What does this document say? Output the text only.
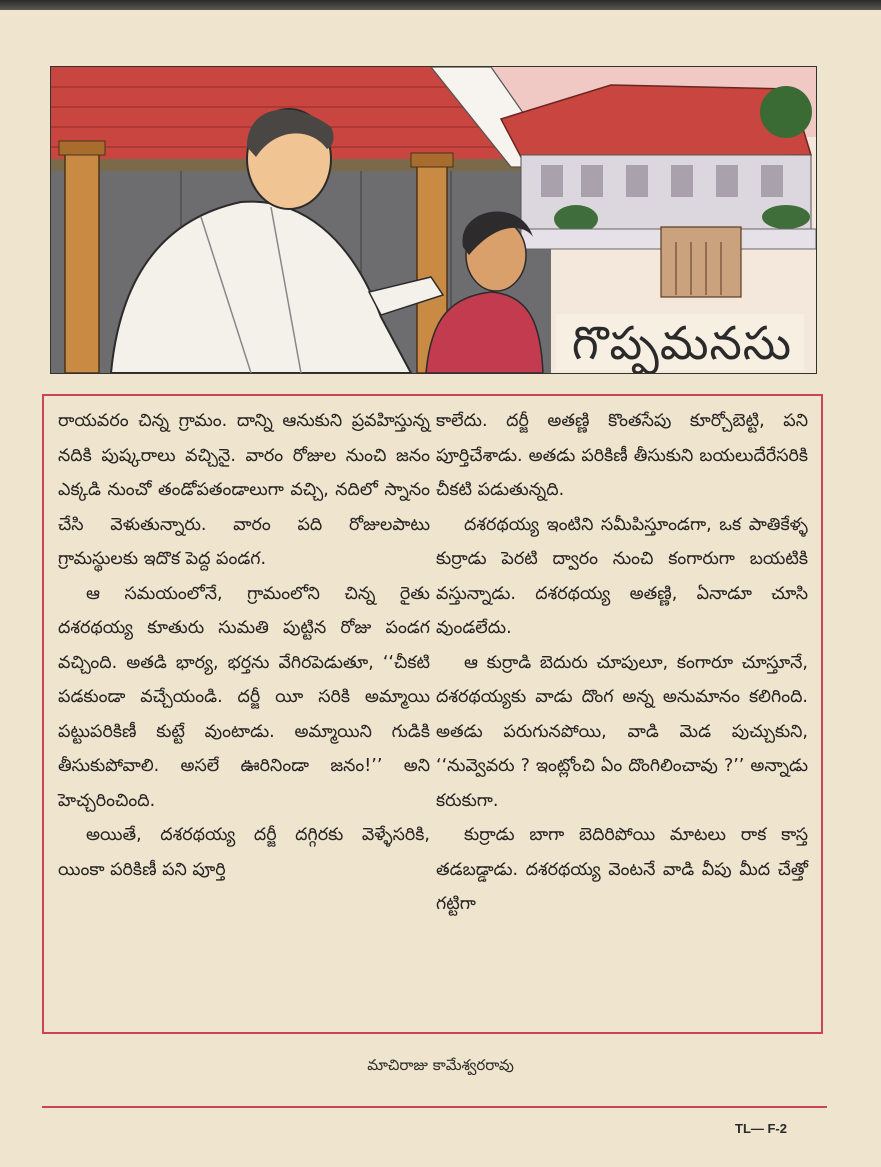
గొప్పమనసు

రాయవరం చిన్న గ్రామం. దాన్ని ఆనుకుని ప్రవహిస్తున్న నదికి పుష్కరాలు వచ్చినై. వారం రోజుల నుంచి జనం ఎక్కడి నుంచో తండోపతండాలుగా వచ్చి, నదిలో స్నానం చేసి వెళుతున్నారు. వారం పది రోజులపాటు గ్రామస్థులకు ఇదొక పెద్ద పండగ.

ఆ సమయంలోనే, గ్రామంలోని చిన్న రైతు దశరథయ్య కూతురు సుమతి పుట్టిన రోజు పండగ వచ్చింది. అతడి భార్య, భర్తను వేగిరపెడుతూ, ‘‘చీకటి పడకుండా వచ్చేయండి. దర్జీ యీ సరికి అమ్మాయి పట్టుపరికిణీ కుట్టే వుంటాడు. అమ్మాయిని గుడికి తీసుకుపోవాలి. అసలే ఊరినిండా జనం!’’ అని హెచ్చరించింది.

అయితే, దశరథయ్య దర్జీ దగ్గిరకు వెళ్ళేసరికి, యింకా పరికిణీ పని పూర్తి

కాలేదు. దర్జీ అతణ్ణి కొంతసేపు కూర్చోబెట్టి, పని పూర్తిచేశాడు. అతడు పరికిణీ తీసుకుని బయలుదేరేసరికి చీకటి పడుతున్నది.

దశరథయ్య ఇంటిని సమీపిస్తూండగా, ఒక పాతికేళ్ళ కుర్రాడు పెరటి ద్వారం నుంచి కంగారుగా బయటికి వస్తున్నాడు. దశరథయ్య అతణ్ణి, ఏనాడూ చూసి వుండలేదు.

ఆ కుర్రాడి బెదురు చూపులూ, కంగారూ చూస్తూనే, దశరథయ్యకు వాడు దొంగ అన్న అనుమానం కలిగింది. అతడు పరుగునపోయి, వాడి మెడ పుచ్చుకుని, ‘‘నువ్వెవరు ? ఇంట్లోంచి ఏం దొంగిలించావు ?’’ అన్నాడు కరుకుగా.

కుర్రాడు బాగా బెదిరిపోయి మాటలు రాక కాస్త తడబడ్డాడు. దశరథయ్య వెంటనే వాడి వీపు మీద చేత్తో గట్టిగా

మాచిరాజు కామేశ్వరరావు
TL— F-2
